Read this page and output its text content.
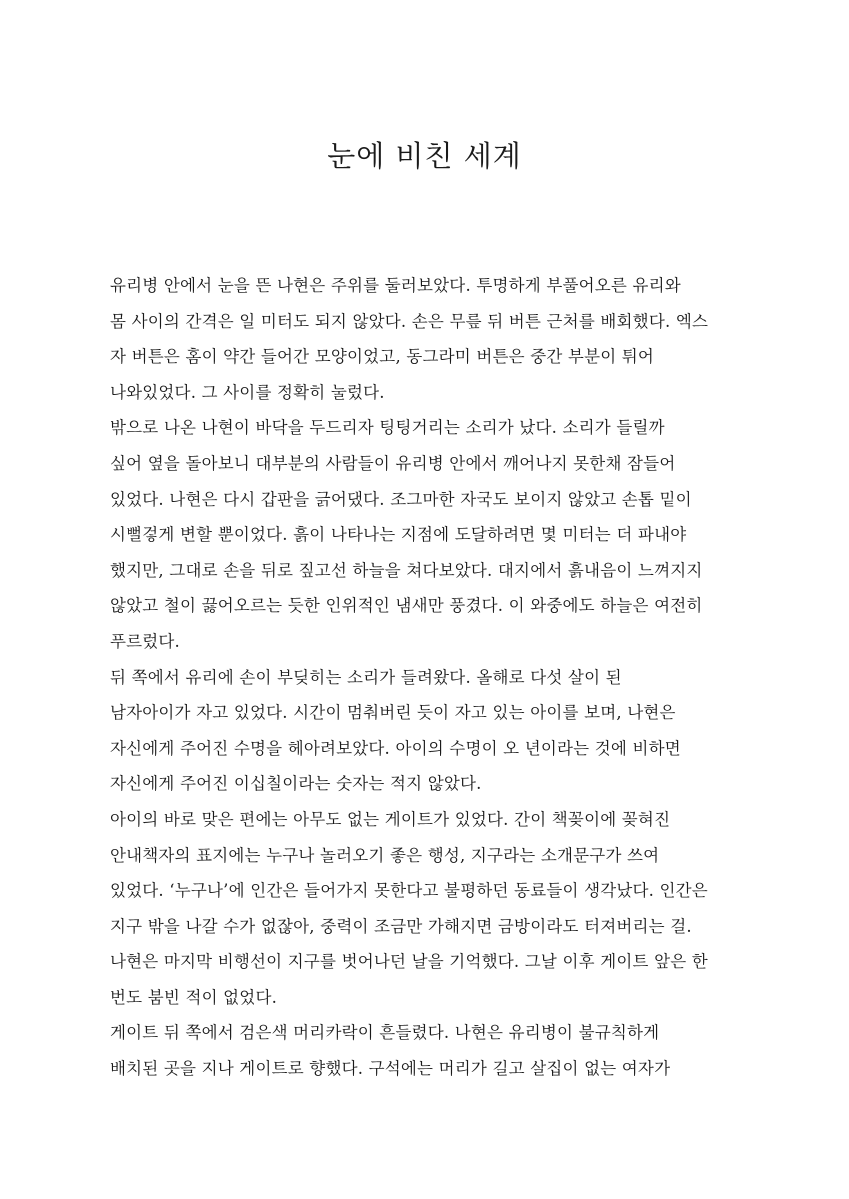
눈에 비친 세계
유리병 안에서 눈을 뜬 나현은 주위를 둘러보았다. 투명하게 부풀어오른 유리와
몸 사이의 간격은 일 미터도 되지 않았다. 손은 무릎 뒤 버튼 근처를 배회했다. 엑스
자 버튼은 홈이 약간 들어간 모양이었고, 동그라미 버튼은 중간 부분이 튀어
나와있었다. 그 사이를 정확히 눌렀다.
밖으로 나온 나현이 바닥을 두드리자 팅팅거리는 소리가 났다. 소리가 들릴까
싶어 옆을 돌아보니 대부분의 사람들이 유리병 안에서 깨어나지 못한채 잠들어
있었다. 나현은 다시 갑판을 긁어댔다. 조그마한 자국도 보이지 않았고 손톱 밑이
시뻘겋게 변할 뿐이었다. 흙이 나타나는 지점에 도달하려면 몇 미터는 더 파내야
했지만, 그대로 손을 뒤로 짚고선 하늘을 쳐다보았다. 대지에서 흙내음이 느껴지지
않았고 철이 끓어오르는 듯한 인위적인 냄새만 풍겼다. 이 와중에도 하늘은 여전히
푸르렀다.
뒤 쪽에서 유리에 손이 부딪히는 소리가 들려왔다. 올해로 다섯 살이 된
남자아이가 자고 있었다. 시간이 멈춰버린 듯이 자고 있는 아이를 보며, 나현은
자신에게 주어진 수명을 헤아려보았다. 아이의 수명이 오 년이라는 것에 비하면
자신에게 주어진 이십칠이라는 숫자는 적지 않았다.
아이의 바로 맞은 편에는 아무도 없는 게이트가 있었다. 간이 책꽂이에 꽂혀진
안내책자의 표지에는 누구나 놀러오기 좋은 행성, 지구라는 소개문구가 쓰여
있었다. ‘누구나’에 인간은 들어가지 못한다고 불평하던 동료들이 생각났다. 인간은
지구 밖을 나갈 수가 없잖아, 중력이 조금만 가해지면 금방이라도 터져버리는 걸.
나현은 마지막 비행선이 지구를 벗어나던 날을 기억했다. 그날 이후 게이트 앞은 한
번도 붐빈 적이 없었다.
게이트 뒤 쪽에서 검은색 머리카락이 흔들렸다. 나현은 유리병이 불규칙하게
배치된 곳을 지나 게이트로 향했다. 구석에는 머리가 길고 살집이 없는 여자가
